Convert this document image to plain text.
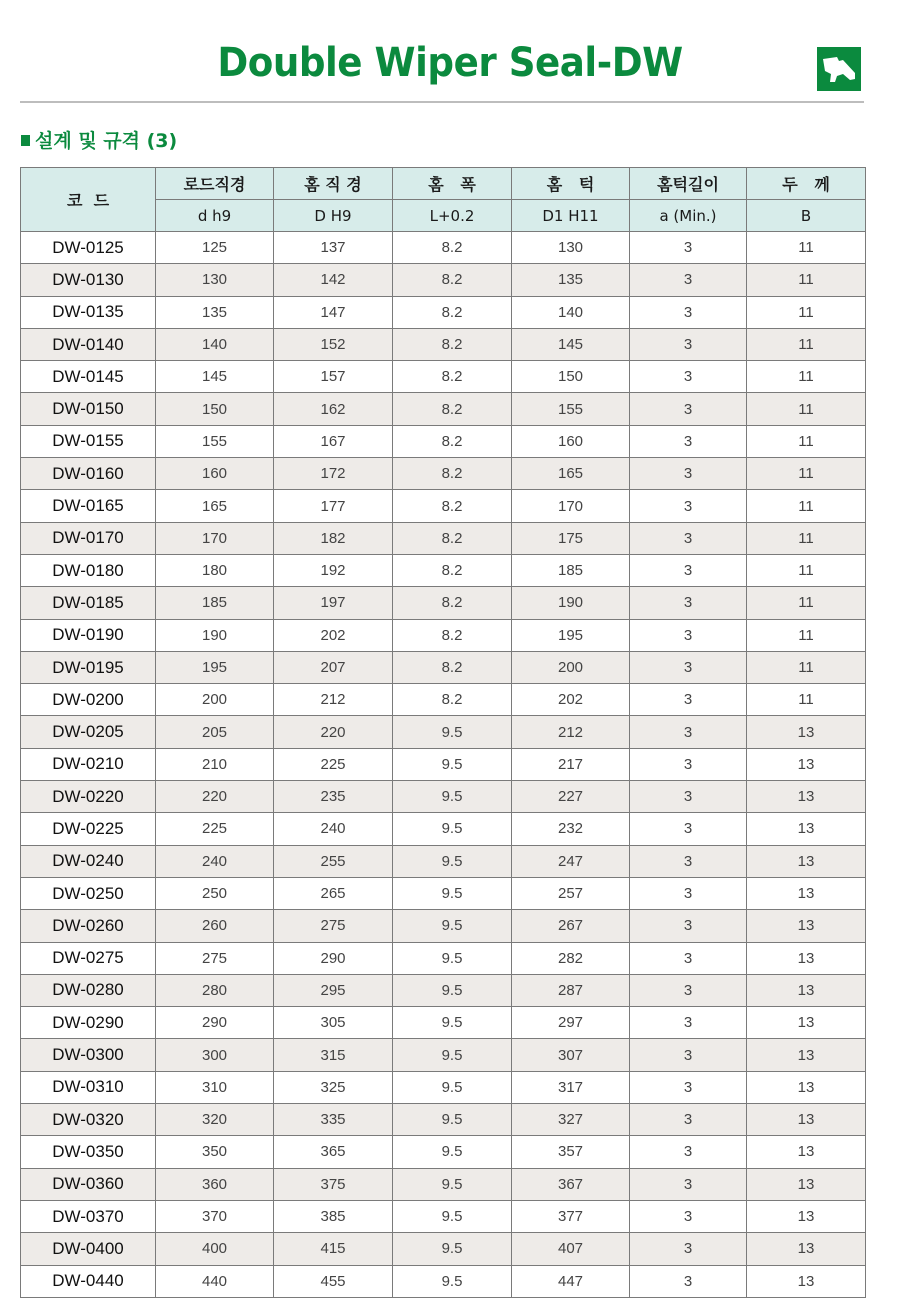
Double Wiper Seal-DW
설계 및 규격 (3)
코  드	로드직경	홈 직 경	홈   폭	홈   턱	홈턱길이	두   께
	d h9	D H9	L+0.2	D1 H11	a (Min.)	B
DW-0125	125	137	8.2	130	3	11
DW-0130	130	142	8.2	135	3	11
DW-0135	135	147	8.2	140	3	11
DW-0140	140	152	8.2	145	3	11
DW-0145	145	157	8.2	150	3	11
DW-0150	150	162	8.2	155	3	11
DW-0155	155	167	8.2	160	3	11
DW-0160	160	172	8.2	165	3	11
DW-0165	165	177	8.2	170	3	11
DW-0170	170	182	8.2	175	3	11
DW-0180	180	192	8.2	185	3	11
DW-0185	185	197	8.2	190	3	11
DW-0190	190	202	8.2	195	3	11
DW-0195	195	207	8.2	200	3	11
DW-0200	200	212	8.2	202	3	11
DW-0205	205	220	9.5	212	3	13
DW-0210	210	225	9.5	217	3	13
DW-0220	220	235	9.5	227	3	13
DW-0225	225	240	9.5	232	3	13
DW-0240	240	255	9.5	247	3	13
DW-0250	250	265	9.5	257	3	13
DW-0260	260	275	9.5	267	3	13
DW-0275	275	290	9.5	282	3	13
DW-0280	280	295	9.5	287	3	13
DW-0290	290	305	9.5	297	3	13
DW-0300	300	315	9.5	307	3	13
DW-0310	310	325	9.5	317	3	13
DW-0320	320	335	9.5	327	3	13
DW-0350	350	365	9.5	357	3	13
DW-0360	360	375	9.5	367	3	13
DW-0370	370	385	9.5	377	3	13
DW-0400	400	415	9.5	407	3	13
DW-0440	440	455	9.5	447	3	13
